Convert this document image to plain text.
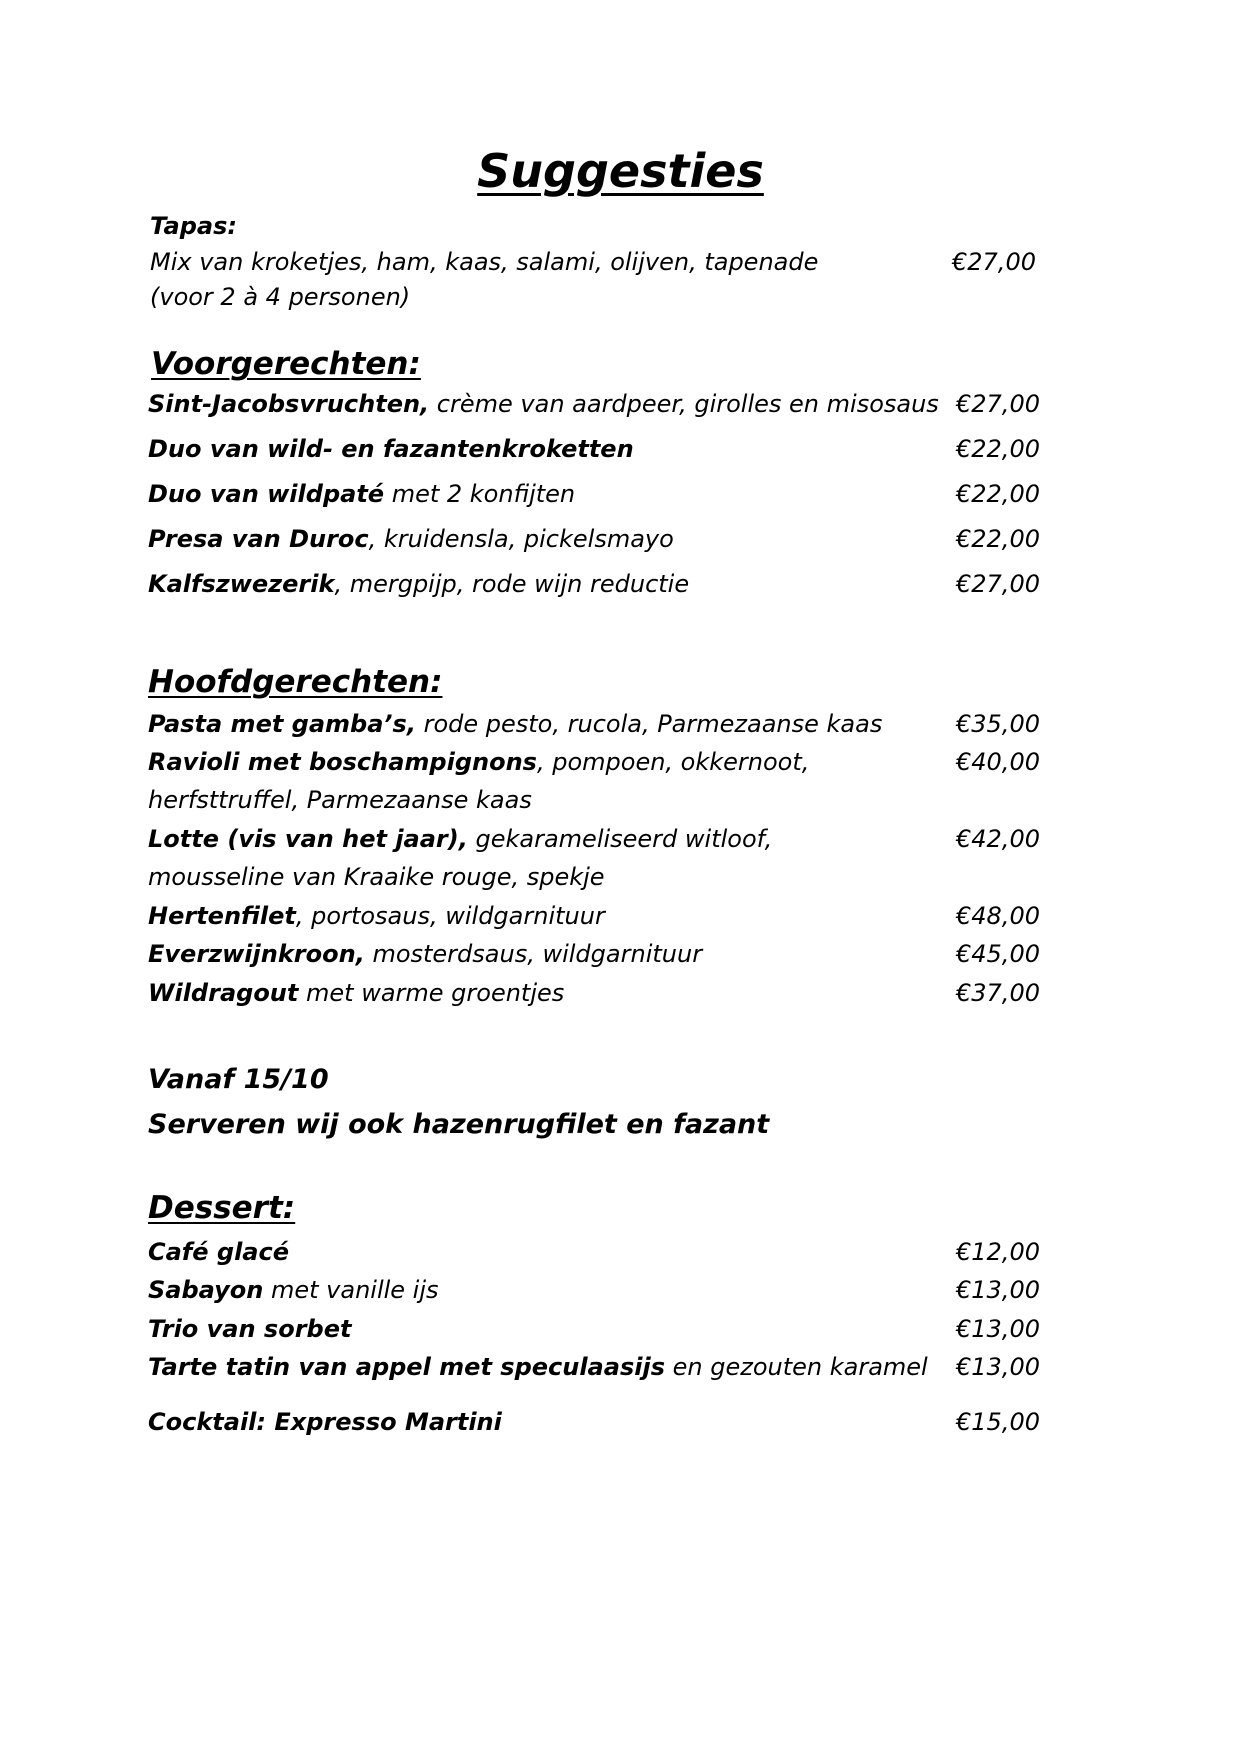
Suggesties
Tapas:
Mix van kroketjes, ham, kaas, salami, olijven, tapenade	€27,00
(voor 2 à 4 personen)
Voorgerechten:
Sint-Jacobsvruchten, crème van aardpeer, girolles en misosaus €27,00
Duo van wild- en fazantenkroketten	€22,00
Duo van wildpaté met 2 konfijten	€22,00
Presa van Duroc, kruidensla, pickelsmayo	€22,00
Kalfszwezerik, mergpijp, rode wijn reductie	€27,00
Hoofdgerechten:
Pasta met gamba’s, rode pesto, rucola, Parmezaanse kaas	€35,00
Ravioli met boschampignons, pompoen, okkernoot,	€40,00
herfsttruffel, Parmezaanse kaas
Lotte (vis van het jaar), gekarameliseerd witloof,	€42,00
mousseline van Kraaike rouge, spekje
Hertenfilet, portosaus, wildgarnituur	€48,00
Everzwijnkroon, mosterdsaus, wildgarnituur	€45,00
Wildragout met warme groentjes	€37,00
Vanaf 15/10
Serveren wij ook hazenrugfilet en fazant
Dessert:
Café glacé	€12,00
Sabayon met vanille ijs	€13,00
Trio van sorbet	€13,00
Tarte tatin van appel met speculaasijs en gezouten karamel €13,00
Cocktail: Expresso Martini	€15,00
